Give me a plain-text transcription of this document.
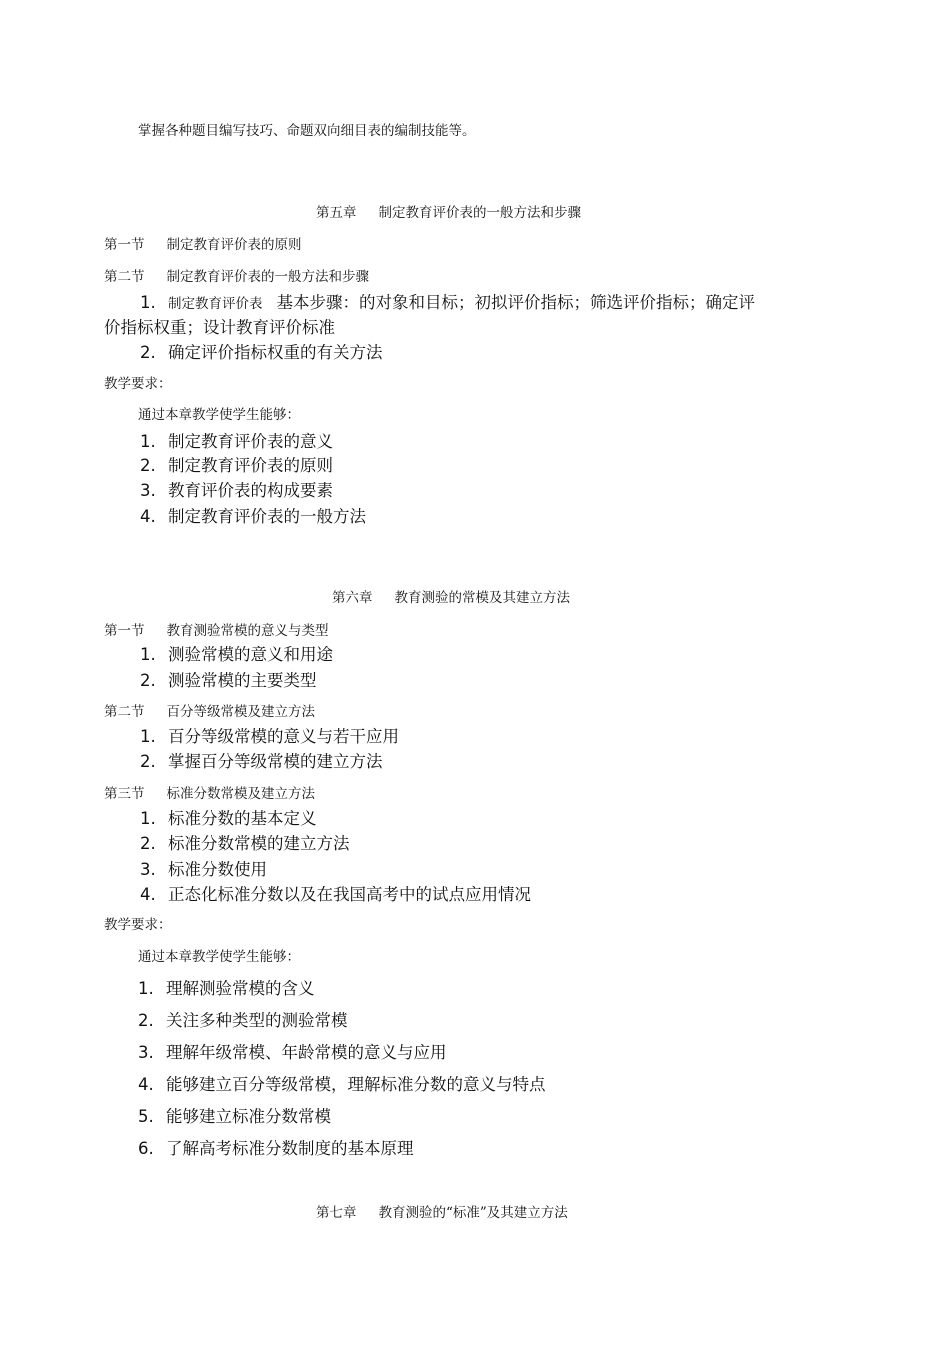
掌握各种题目编写技巧、命题双向细目表的编制技能等。
第五章 制定教育评价表的一般方法和步骤
第一节 制定教育评价表的原则
第二节 制定教育评价表的一般方法和步骤
1. 制定教育评价表 基本步骤：的对象和目标；初拟评价指标；筛选评价指标；确定评
价指标权重；设计教育评价标准
2. 确定评价指标权重的有关方法
教学要求：
通过本章教学使学生能够：
1. 制定教育评价表的意义
2. 制定教育评价表的原则
3. 教育评价表的构成要素
4. 制定教育评价表的一般方法
第六章 教育测验的常模及其建立方法
第一节 教育测验常模的意义与类型
1. 测验常模的意义和用途
2. 测验常模的主要类型
第二节 百分等级常模及建立方法
1. 百分等级常模的意义与若干应用
2. 掌握百分等级常模的建立方法
第三节 标准分数常模及建立方法
1. 标准分数的基本定义
2. 标准分数常模的建立方法
3. 标准分数使用
4. 正态化标准分数以及在我国高考中的试点应用情况
教学要求：
通过本章教学使学生能够：
1. 理解测验常模的含义
2. 关注多种类型的测验常模
3. 理解年级常模、年龄常模的意义与应用
4. 能够建立百分等级常模，理解标准分数的意义与特点
5. 能够建立标准分数常模
6. 了解高考标准分数制度的基本原理
第七章 教育测验的“标准”及其建立方法
